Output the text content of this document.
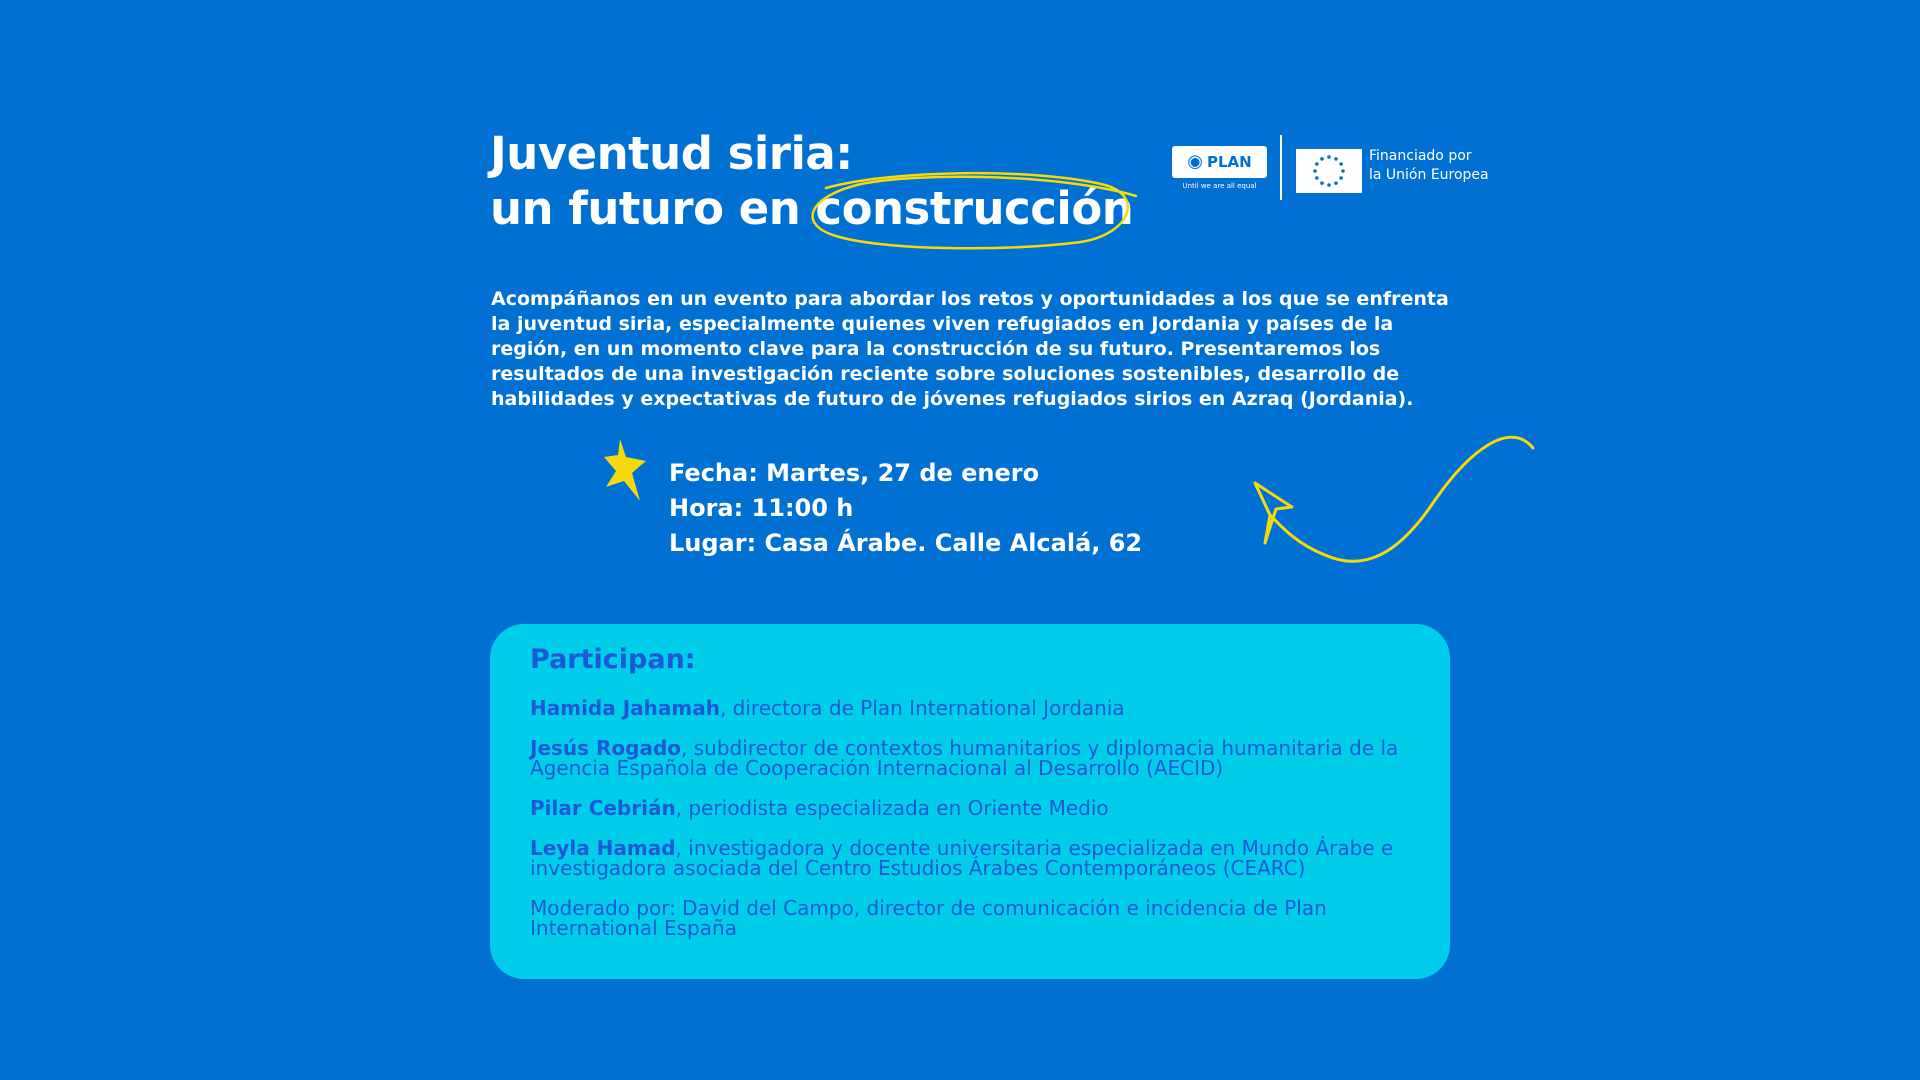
Juventud siria:
un futuro en construcción
◉ PLAN
Until we are all equal
Financiado por
la Unión Europea

Acompáñanos en un evento para abordar los retos y oportunidades a los que se enfrenta la juventud siria, especialmente quienes viven refugiados en Jordania y países de la región, en un momento clave para la construcción de su futuro. Presentaremos los resultados de una investigación reciente sobre soluciones sostenibles, desarrollo de habilidades y expectativas de futuro de jóvenes refugiados sirios en Azraq (Jordania).

Fecha: Martes, 27 de enero
Hora: 11:00 h
Lugar: Casa Árabe. Calle Alcalá, 62
Participan:
Hamida Jahamah, directora de Plan International Jordania
Jesús Rogado, subdirector de contextos humanitarios y diplomacia humanitaria de la Agencia Española de Cooperación Internacional al Desarrollo (AECID)
Pilar Cebrián, periodista especializada en Oriente Medio
Leyla Hamad, investigadora y docente universitaria especializada en Mundo Árabe e investigadora asociada del Centro Estudios Árabes Contemporáneos (CEARC)
Moderado por: David del Campo, director de comunicación e incidencia de Plan International España
